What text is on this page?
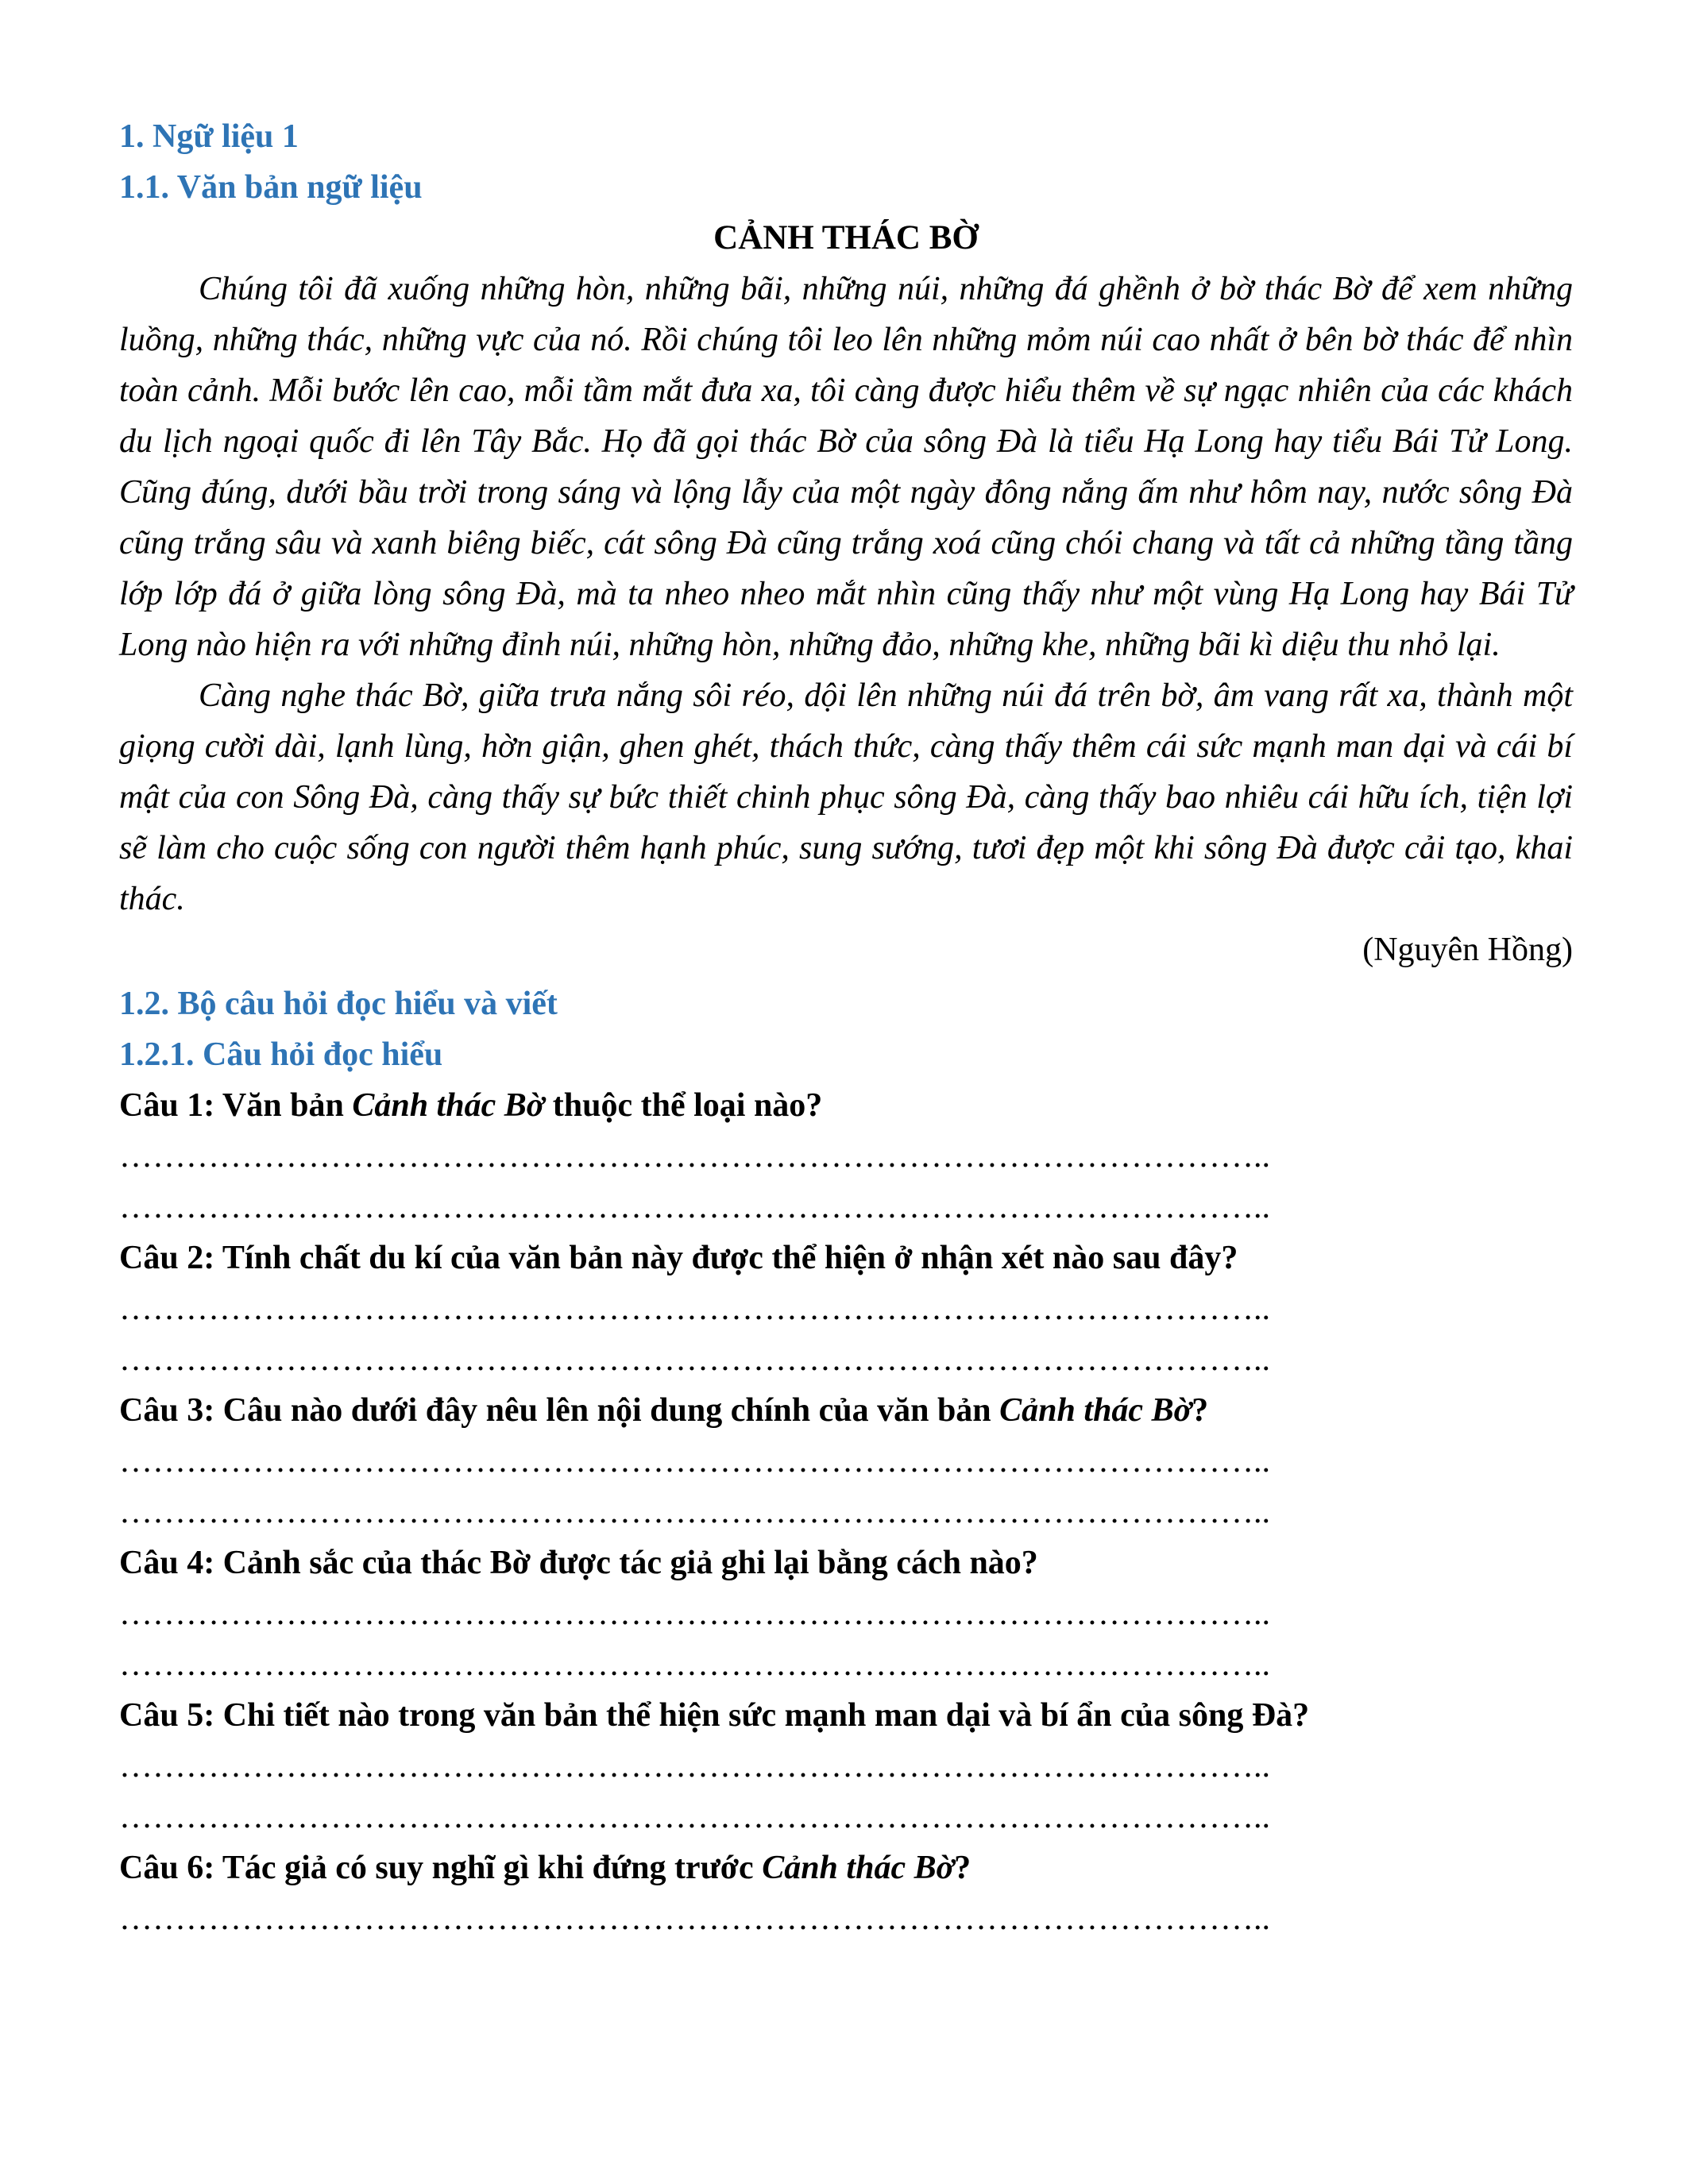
1. Ngữ liệu 1

1.1. Văn bản ngữ liệu

CẢNH THÁC BỜ

Chúng tôi đã xuống những hòn, những bãi, những núi, những đá ghềnh ở bờ thác Bờ để xem những luồng, những thác, những vực của nó. Rồi chúng tôi leo lên những mỏm núi cao nhất ở bên bờ thác để nhìn toàn cảnh. Mỗi bước lên cao, mỗi tầm mắt đưa xa, tôi càng được hiểu thêm về sự ngạc nhiên của các khách du lịch ngoại quốc đi lên Tây Bắc. Họ đã gọi thác Bờ của sông Đà là tiểu Hạ Long hay tiểu Bái Tử Long. Cũng đúng, dưới bầu trời trong sáng và lộng lẫy của một ngày đông nắng ấm như hôm nay, nước sông Đà cũng trắng sâu và xanh biêng biếc, cát sông Đà cũng trắng xoá cũng chói chang và tất cả những tầng tầng lớp lớp đá ở giữa lòng sông Đà, mà ta nheo nheo mắt nhìn cũng thấy như một vùng Hạ Long hay Bái Tử Long nào hiện ra với những đỉnh núi, những hòn, những đảo, những khe, những bãi kì diệu thu nhỏ lại.

Càng nghe thác Bờ, giữa trưa nắng sôi réo, dội lên những núi đá trên bờ, âm vang rất xa, thành một giọng cười dài, lạnh lùng, hờn giận, ghen ghét, thách thức, càng thấy thêm cái sức mạnh man dại và cái bí mật của con Sông Đà, càng thấy sự bức thiết chinh phục sông Đà, càng thấy bao nhiêu cái hữu ích, tiện lợi sẽ làm cho cuộc sống con người thêm hạnh phúc, sung sướng, tươi đẹp một khi sông Đà được cải tạo, khai thác.

(Nguyên Hồng)

1.2. Bộ câu hỏi đọc hiểu và viết

1.2.1. Câu hỏi đọc hiểu

Câu 1: Văn bản Cảnh thác Bờ thuộc thể loại nào?

…………………………………………………………………………………………..

…………………………………………………………………………………………..

Câu 2: Tính chất du kí của văn bản này được thể hiện ở nhận xét nào sau đây?

…………………………………………………………………………………………..

…………………………………………………………………………………………..

Câu 3: Câu nào dưới đây nêu lên nội dung chính của văn bản Cảnh thác Bờ?

…………………………………………………………………………………………..

…………………………………………………………………………………………..

Câu 4: Cảnh sắc của thác Bờ được tác giả ghi lại bằng cách nào?

…………………………………………………………………………………………..

…………………………………………………………………………………………..

Câu 5: Chi tiết nào trong văn bản thể hiện sức mạnh man dại và bí ẩn của sông Đà?

…………………………………………………………………………………………..

…………………………………………………………………………………………..

Câu 6: Tác giả có suy nghĩ gì khi đứng trước Cảnh thác Bờ?

…………………………………………………………………………………………..
